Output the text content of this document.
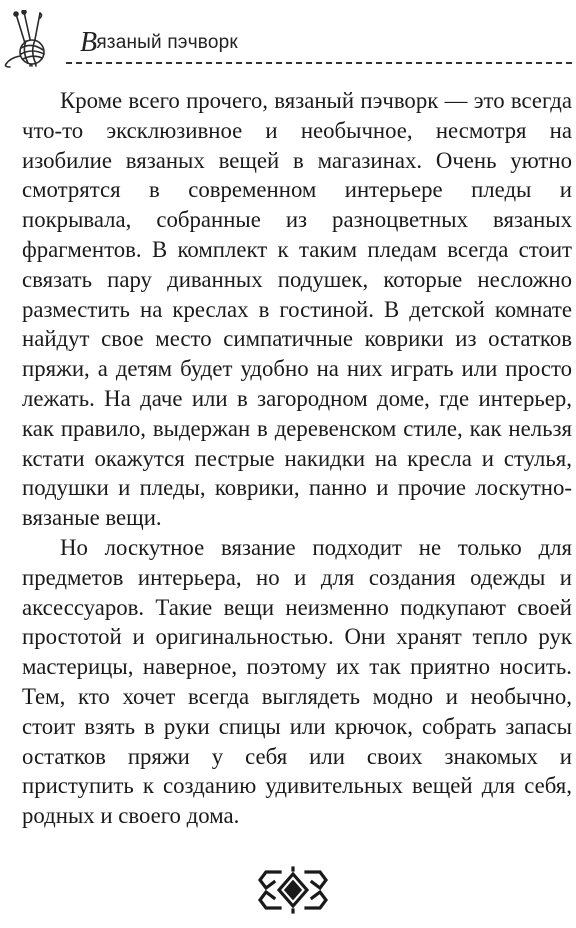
Вязаный пэчворк

Кроме всего прочего, вязаный пэчворк — это всегда что-то эксклюзивное и необычное, несмотря на изобилие вязаных вещей в магазинах. Очень уютно смотрятся в современном интерьере пледы и покрывала, собранные из разноцветных вязаных фрагментов. В комплект к таким пледам всегда стоит связать пару диванных подушек, которые несложно разместить на креслах в гостиной. В детской комнате найдут свое место симпатичные коврики из остатков пряжи, а детям будет удобно на них играть или просто лежать. На даче или в загородном доме, где интерьер, как правило, выдержан в деревенском стиле, как нельзя кстати окажутся пестрые накидки на кресла и стулья, подушки и пледы, коврики, панно и прочие лоскутно-вязаные вещи.

Но лоскутное вязание подходит не только для предметов интерьера, но и для создания одежды и аксессуаров. Такие вещи неизменно подкупают своей простотой и оригинальностью. Они хранят тепло рук мастерицы, наверное, поэтому их так приятно носить. Тем, кто хочет всегда выглядеть модно и необычно, стоит взять в руки спицы или крючок, собрать запасы остатков пряжи у себя или своих знакомых и приступить к созданию удивительных вещей для себя, родных и своего дома.
